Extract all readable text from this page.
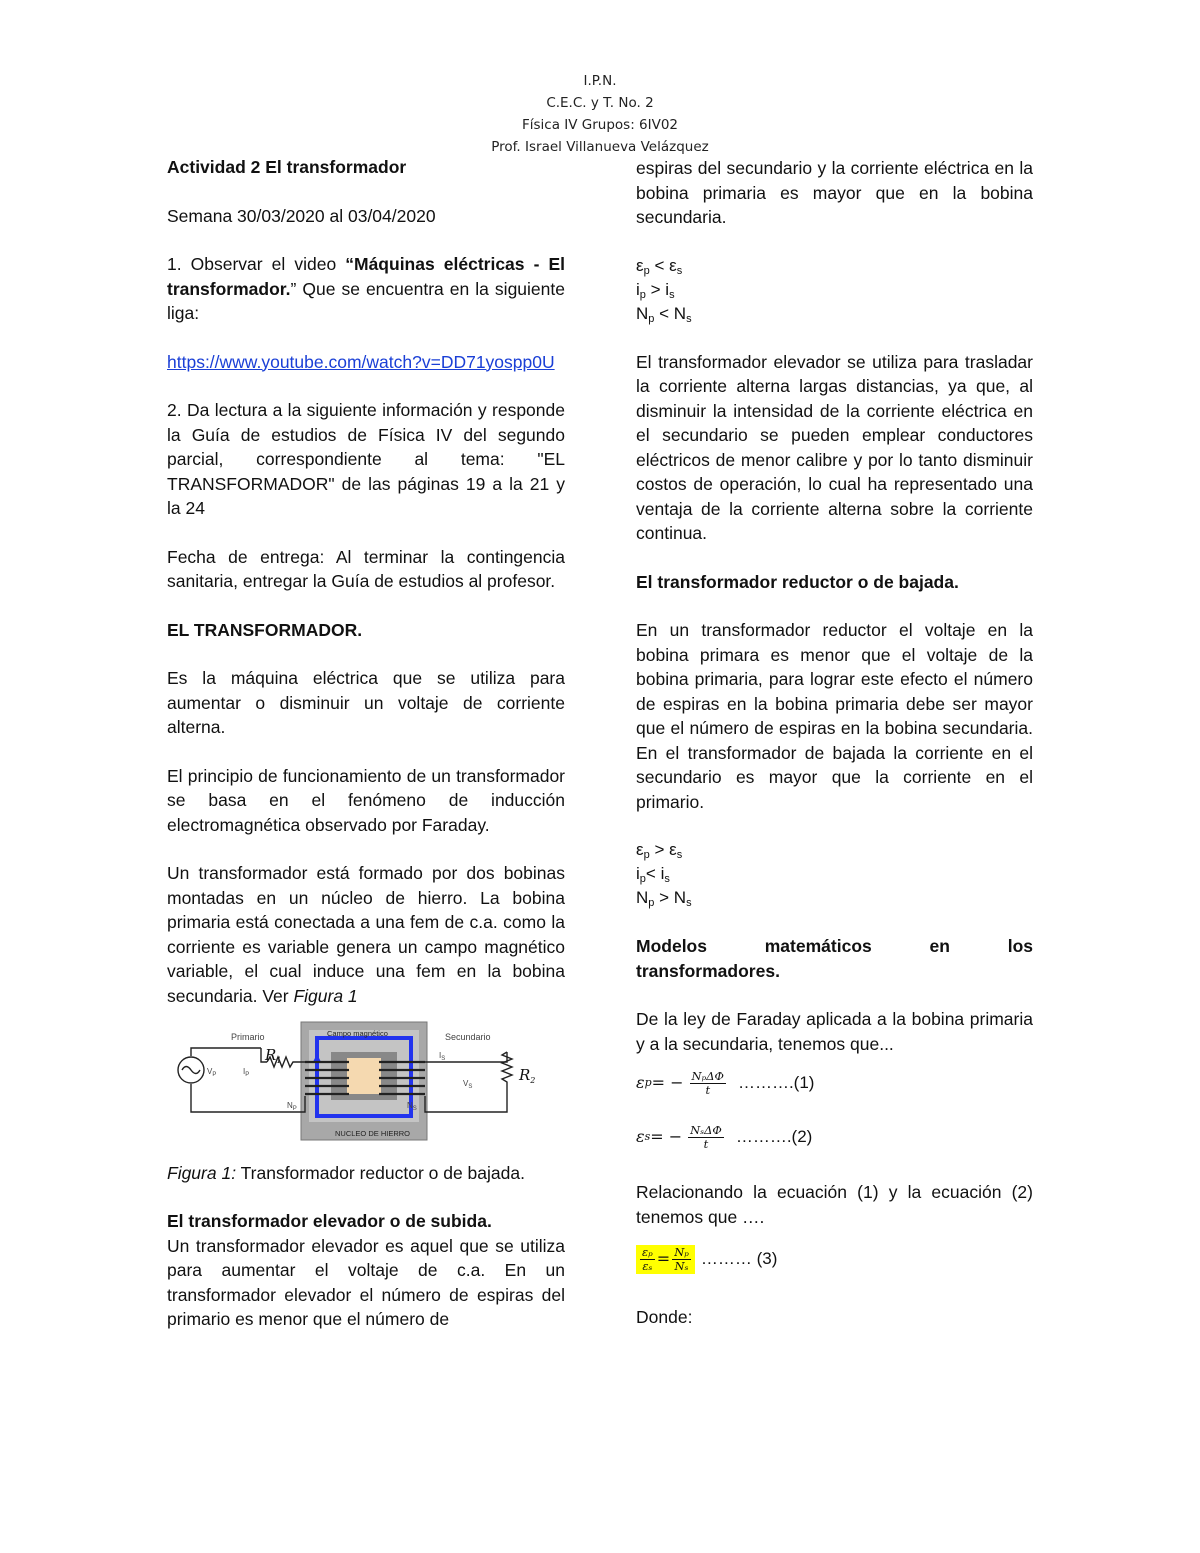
I.P.N.
C.E.C. y T. No. 2
Física IV Grupos: 6IV02
Prof. Israel Villanueva Velázquez

Actividad 2 El transformador

Semana 30/03/2020 al 03/04/2020

1. Observar el video “Máquinas eléctricas - El transformador.” Que se encuentra en la siguiente liga:

https://www.youtube.com/watch?v=DD71yospp0U

2. Da lectura a la siguiente información y responde la Guía de estudios de Física IV del segundo parcial, correspondiente al tema: "EL TRANSFORMADOR" de las páginas 19 a la 21 y la 24

Fecha de entrega: Al terminar la contingencia sanitaria, entregar la Guía de estudios al profesor.

EL TRANSFORMADOR.

Es la máquina eléctrica que se utiliza para aumentar o disminuir un voltaje de corriente alterna.

El principio de funcionamiento de un transformador se basa en el fenómeno de inducción electromagnética observado por Faraday.

Un transformador está formado por dos bobinas montadas en un núcleo de hierro. La bobina primaria está conectada a una fem de c.a. como la corriente es variable genera un campo magnético variable, el cual induce una fem en la bobina secundaria. Ver Figura 1

Campo magnético
NUCLEO DE HIERRO
Primario
$R_1$
$V_P$	$I_P$
$N_P$
Secundario
$I_S$
$V_S$
$N_S$
$R_2$

Figura 1: Transformador reductor o de bajada.

El transformador elevador o de subida.

Un transformador elevador es aquel que se utiliza para aumentar el voltaje de c.a. En un transformador elevador el número de espiras del primario es menor que el número de

espiras del secundario y la corriente eléctrica en la bobina primaria es mayor que en la bobina secundaria.

$\varepsilon_p < \varepsilon_s$
$i_p > i_s$
$N_p < N_s$

El transformador elevador se utiliza para trasladar la corriente alterna largas distancias, ya que, al disminuir la intensidad de la corriente eléctrica en el secundario se pueden emplear conductores eléctricos de menor calibre y por lo tanto disminuir costos de operación, lo cual ha representado una ventaja de la corriente alterna sobre la corriente continua.

El transformador reductor o de bajada.

En un transformador reductor el voltaje en la bobina primara es menor que el voltaje de la bobina primaria, para lograr este efecto el número de espiras en la bobina primaria debe ser mayor que el número de espiras en la bobina secundaria. En el transformador de bajada la corriente en el secundario es mayor que la corriente en el primario.

$\varepsilon_p > \varepsilon_s$
$i_p< i_s$
$N_p > N_s$

Modelos matemáticos en los

transformadores.

De la ley de Faraday aplicada a la bobina primaria y a la secundaria, tenemos que...

ε p = − $\frac{\text{NₚΔΦ}}{t}$ ……….(1)
ε s = − $\frac{\text{NₛΔΦ}}{t}$ ……….(2)

Relacionando la ecuación (1) y la ecuación (2) tenemos que ….

$\frac{\text{εₚ}}{\text{εₛ}} = \frac{\text{Nₚ}}{\text{Nₛ}}$ ……… (3)

Donde:
